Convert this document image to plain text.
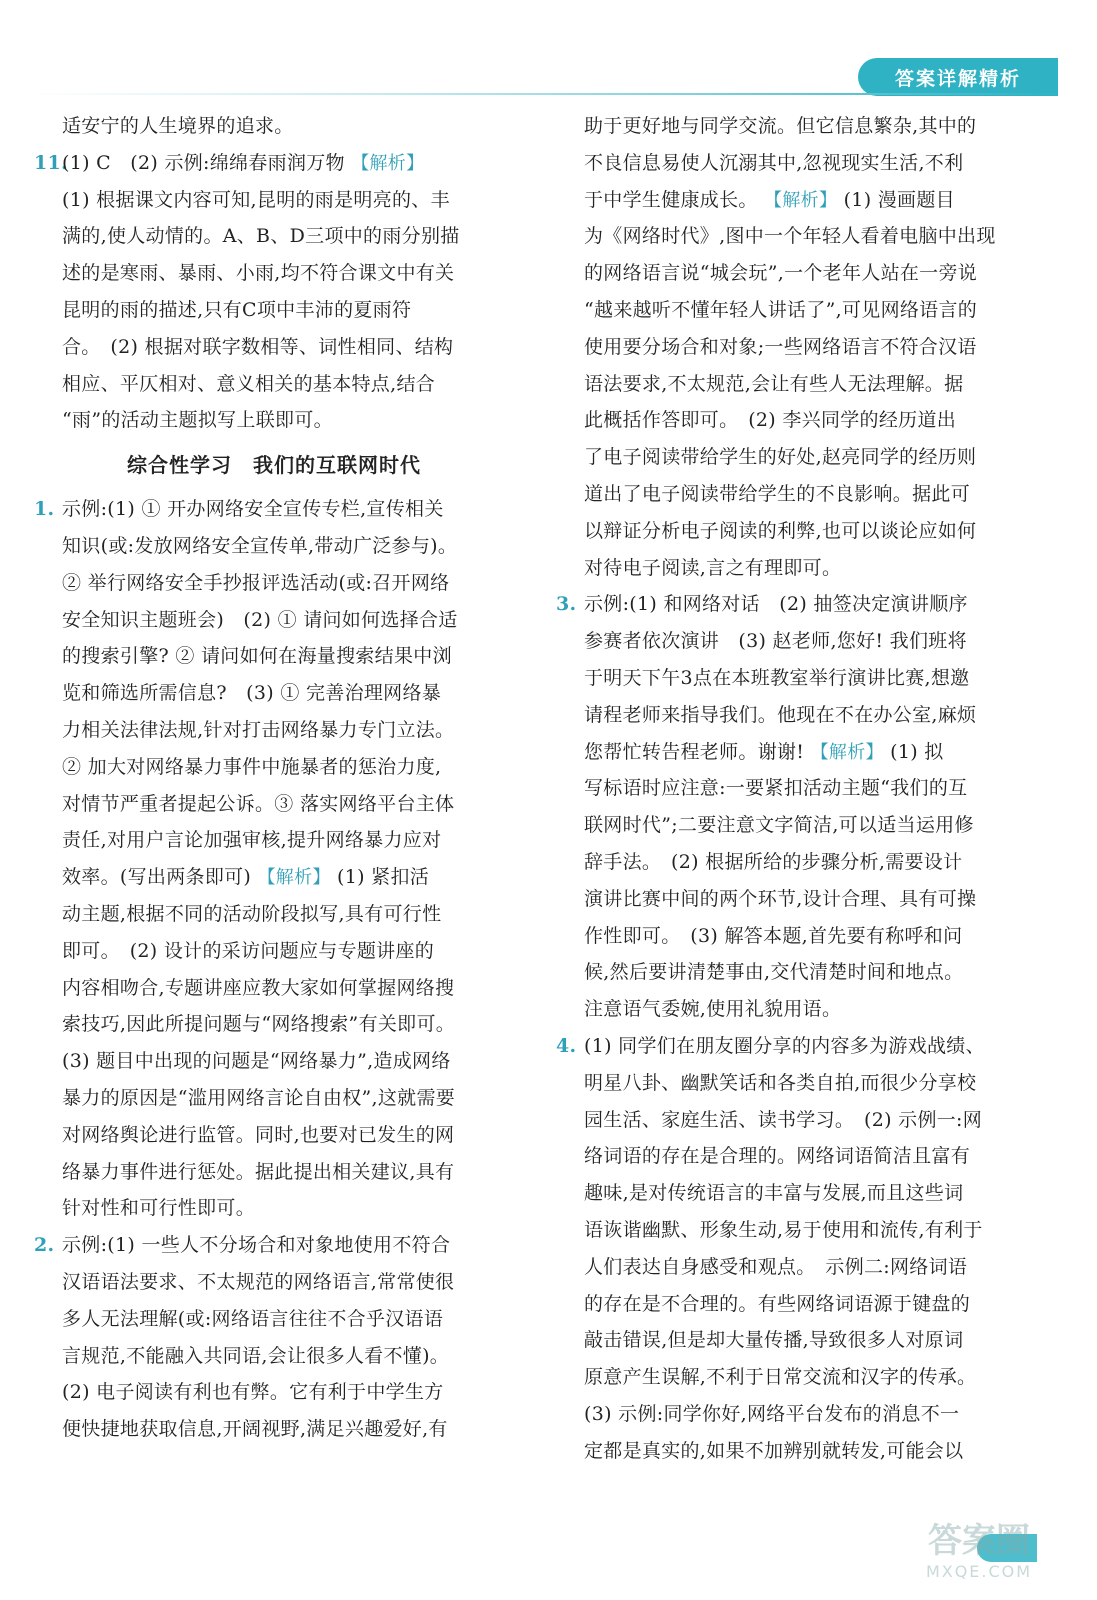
答案详解精析
适安宁的人生境界的追求。
11.(1) C　(2) 示例:绵绵春雨润万物 【解析】
(1) 根据课文内容可知,昆明的雨是明亮的、丰
满的,使人动情的。A、B、D三项中的雨分别描
述的是寒雨、暴雨、小雨,均不符合课文中有关
昆明的雨的描述,只有C项中丰沛的夏雨符
合。　(2) 根据对联字数相等、词性相同、结构
相应、平仄相对、意义相关的基本特点,结合
“雨”的活动主题拟写上联即可。
综合性学习　我们的互联网时代
1. 示例:(1) ① 开办网络安全宣传专栏,宣传相关
知识(或:发放网络安全宣传单,带动广泛参与)。
② 举行网络安全手抄报评选活动(或:召开网络
安全知识主题班会)　(2) ① 请问如何选择合适
的搜索引擎? ② 请问如何在海量搜索结果中浏
览和筛选所需信息?　(3) ① 完善治理网络暴
力相关法律法规,针对打击网络暴力专门立法。
② 加大对网络暴力事件中施暴者的惩治力度,
对情节严重者提起公诉。③ 落实网络平台主体
责任,对用户言论加强审核,提升网络暴力应对
效率。(写出两条即可) 【解析】 (1) 紧扣活
动主题,根据不同的活动阶段拟写,具有可行性
即可。　(2) 设计的采访问题应与专题讲座的
内容相吻合,专题讲座应教大家如何掌握网络搜
索技巧,因此所提问题与“网络搜索”有关即可。
(3) 题目中出现的问题是“网络暴力”,造成网络
暴力的原因是“滥用网络言论自由权”,这就需要
对网络舆论进行监管。同时,也要对已发生的网
络暴力事件进行惩处。据此提出相关建议,具有
针对性和可行性即可。
2. 示例:(1) 一些人不分场合和对象地使用不符合
汉语语法要求、不太规范的网络语言,常常使很
多人无法理解(或:网络语言往往不合乎汉语语
言规范,不能融入共同语,会让很多人看不懂)。
(2) 电子阅读有利也有弊。它有利于中学生方
便快捷地获取信息,开阔视野,满足兴趣爱好,有
助于更好地与同学交流。但它信息繁杂,其中的
不良信息易使人沉溺其中,忽视现实生活,不利
于中学生健康成长。 【解析】 (1) 漫画题目
为《网络时代》,图中一个年轻人看着电脑中出现
的网络语言说“城会玩”,一个老年人站在一旁说
“越来越听不懂年轻人讲话了”,可见网络语言的
使用要分场合和对象;一些网络语言不符合汉语
语法要求,不太规范,会让有些人无法理解。据
此概括作答即可。　(2) 李兴同学的经历道出
了电子阅读带给学生的好处,赵亮同学的经历则
道出了电子阅读带给学生的不良影响。据此可
以辩证分析电子阅读的利弊,也可以谈论应如何
对待电子阅读,言之有理即可。
3. 示例:(1) 和网络对话　(2) 抽签决定演讲顺序
参赛者依次演讲　(3) 赵老师,您好! 我们班将
于明天下午3点在本班教室举行演讲比赛,想邀
请程老师来指导我们。他现在不在办公室,麻烦
您帮忙转告程老师。谢谢! 【解析】 (1) 拟
写标语时应注意:一要紧扣活动主题“我们的互
联网时代”;二要注意文字简洁,可以适当运用修
辞手法。　(2) 根据所给的步骤分析,需要设计
演讲比赛中间的两个环节,设计合理、具有可操
作性即可。　(3) 解答本题,首先要有称呼和问
候,然后要讲清楚事由,交代清楚时间和地点。
注意语气委婉,使用礼貌用语。
4. (1) 同学们在朋友圈分享的内容多为游戏战绩、
明星八卦、幽默笑话和各类自拍,而很少分享校
园生活、家庭生活、读书学习。　(2) 示例一:网
络词语的存在是合理的。网络词语简洁且富有
趣味,是对传统语言的丰富与发展,而且这些词
语诙谐幽默、形象生动,易于使用和流传,有利于
人们表达自身感受和观点。　示例二:网络词语
的存在是不合理的。有些网络词语源于键盘的
敲击错误,但是却大量传播,导致很多人对原词
原意产生误解,不利于日常交流和汉字的传承。
(3) 示例:同学你好,网络平台发布的消息不一
定都是真实的,如果不加辨别就转发,可能会以
答案圈
MXQE.COM
